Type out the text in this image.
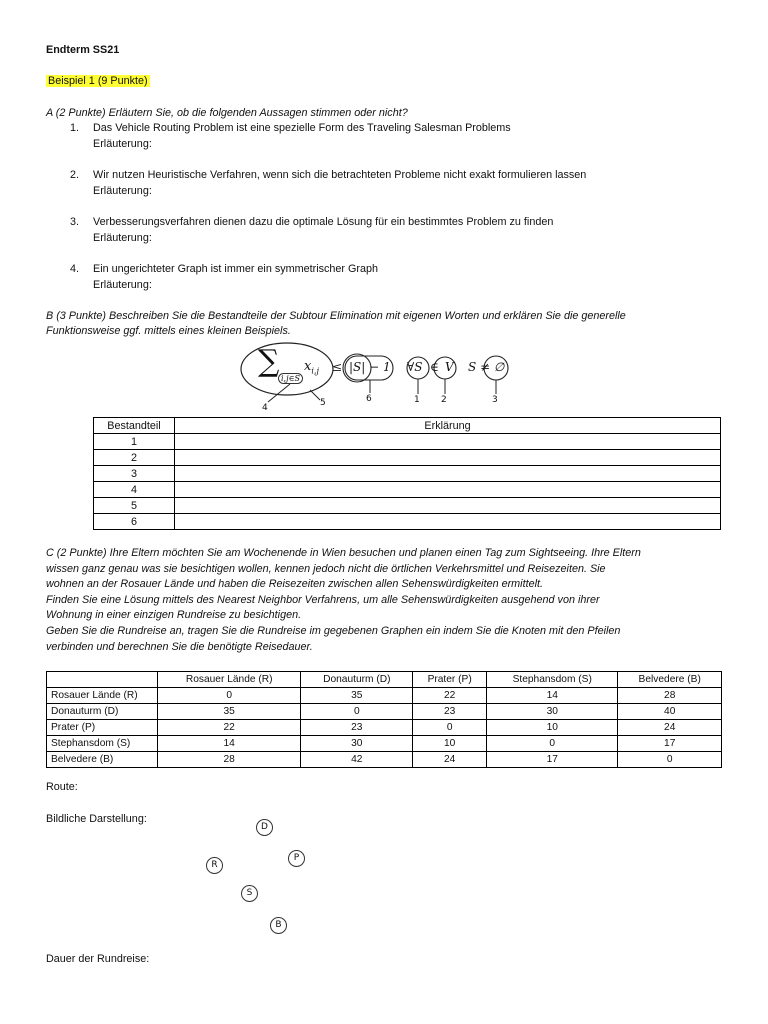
Endterm SS21
Beispiel 1 (9 Punkte)
A (2 Punkte) Erläutern Sie, ob die folgenden Aussagen stimmen oder nicht?
1. Das Vehicle Routing Problem ist eine spezielle Form des Traveling Salesman Problems
Erläuterung:
2. Wir nutzen Heuristische Verfahren, wenn sich die betrachteten Probleme nicht exakt formulieren lassen
Erläuterung:
3. Verbesserungsverfahren dienen dazu die optimale Lösung für ein bestimmtes Problem zu finden
Erläuterung:
4. Ein ungerichteter Graph ist immer ein symmetrischer Graph
Erläuterung:
B (3 Punkte) Beschreiben Sie die Bestandteile der Subtour Elimination mit eigenen Worten und erklären Sie die generelle
Funktionsweise ggf. mittels eines kleinen Beispiels.
∑ i,j∈S
$x_{i,j} \le |S| - 1$ ∀S ∈ V S ≠ ∅
4	5	6	1 2	3
Bestandteil	Erklärung
1	
2	
3	
4	
5	
6	
C (2 Punkte) Ihre Eltern möchten Sie am Wochenende in Wien besuchen und planen einen Tag zum Sightseeing. Ihre Eltern
wissen ganz genau was sie besichtigen wollen, kennen jedoch nicht die örtlichen Verkehrsmittel und Reisezeiten. Sie
wohnen an der Rosauer Lände und haben die Reisezeiten zwischen allen Sehenswürdigkeiten ermittelt.
Finden Sie eine Lösung mittels des Nearest Neighbor Verfahrens, um alle Sehenswürdigkeiten ausgehend von ihrer
Wohnung in einer einzigen Rundreise zu besichtigen.
Geben Sie die Rundreise an, tragen Sie die Rundreise im gegebenen Graphen ein indem Sie die Knoten mit den Pfeilen
verbinden und berechnen Sie die benötigte Reisedauer.
	Rosauer Lände (R)	Donauturm (D)	Prater (P)	Stephansdom (S)	Belvedere (B)
Rosauer Lände (R)	0	35	22	14	28
Donauturm (D)	35	0	23	30	40
Prater (P)	22	23	0	10	24
Stephansdom (S)	14	30	10	0	17
Belvedere (B)	28	42	24	17	0
Route:
Bildliche Darstellung:
D
P
R
S
B
Dauer der Rundreise:
